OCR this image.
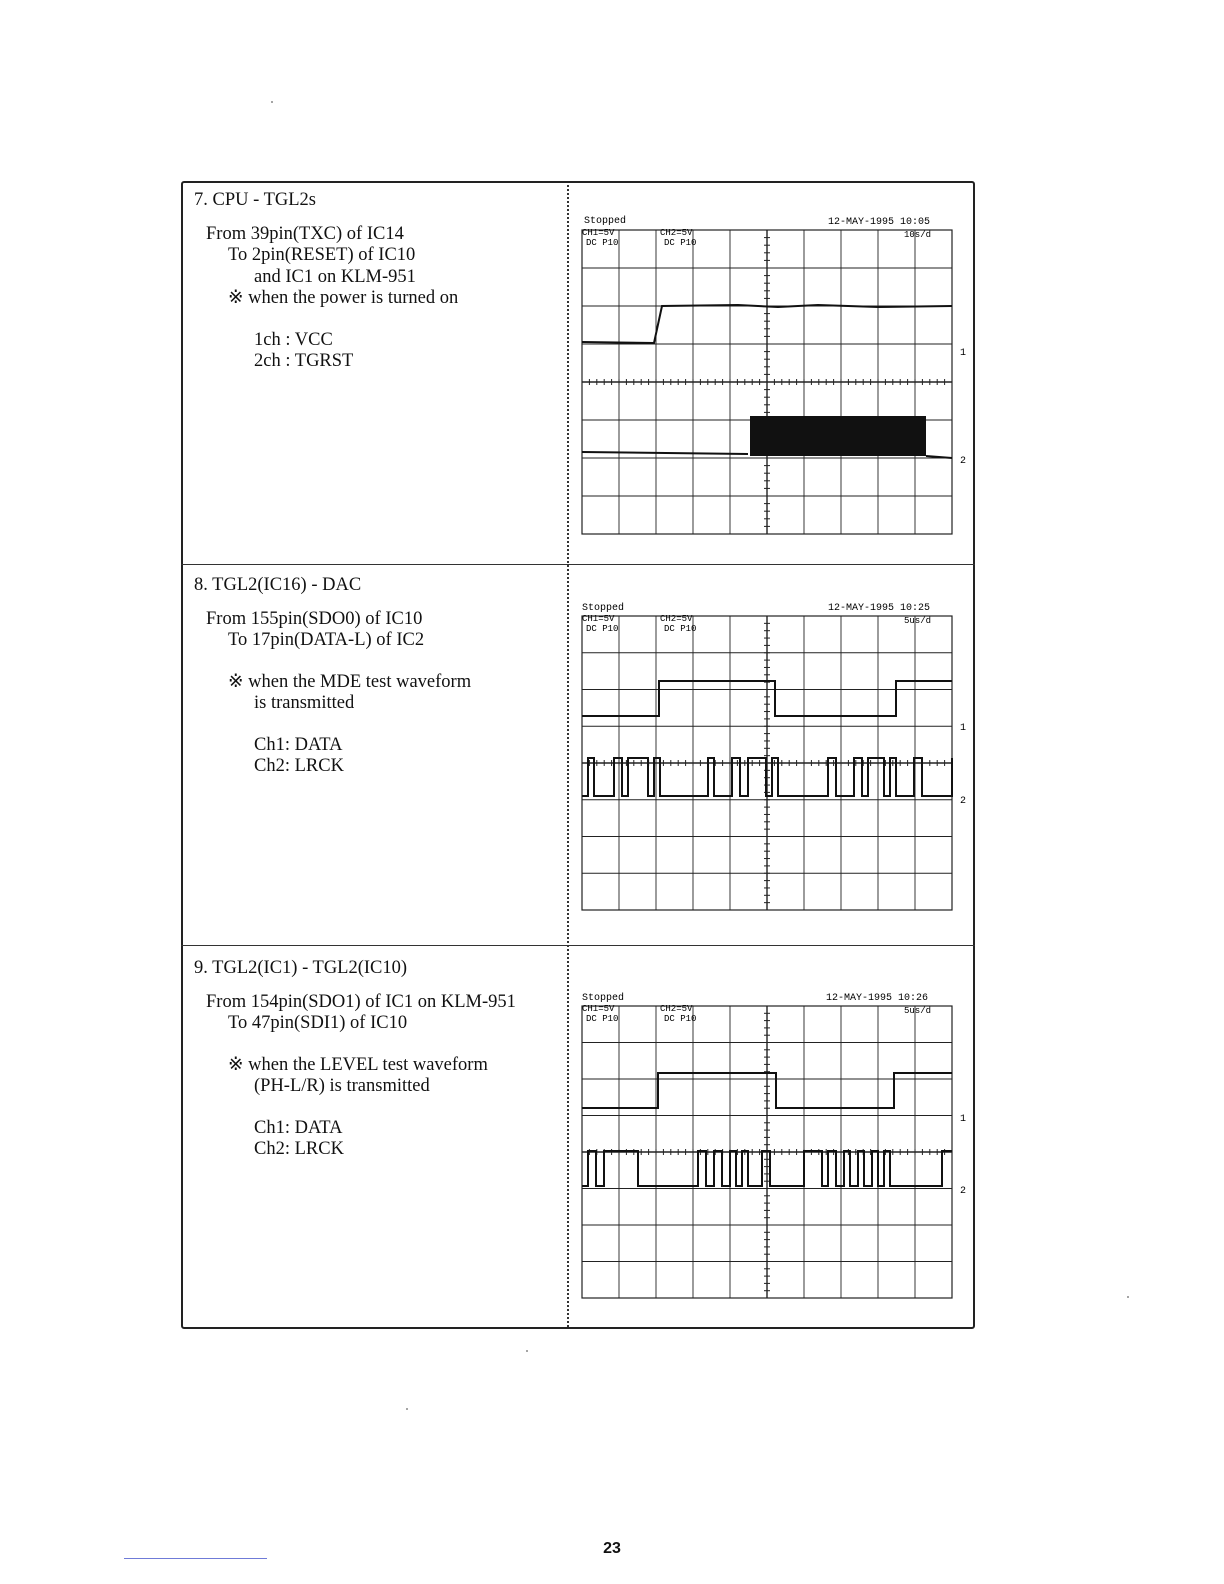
7. CPU - TGL2s

From 39pin(TXC) of IC14

To 2pin(RESET) of IC10

and IC1 on KLM-951

※ when the power is turned on

1ch : VCC

2ch : TGRST

8. TGL2(IC16) - DAC

From 155pin(SDO0) of IC10

To 17pin(DATA-L) of IC2

※ when the MDE test waveform

is transmitted

Ch1: DATA

Ch2: LRCK

9. TGL2(IC1) - TGL2(IC10)

From 154pin(SDO1) of IC1 on KLM-951

To 47pin(SDI1) of IC10

※ when the LEVEL test waveform

(PH-L/R) is transmitted

Ch1: DATA

Ch2: LRCK

Stopped	12-MAY-1995 10:05
CH1=5V
DC P10
CH2=5V
DC P10
10s/d
1
2
Stopped	12-MAY-1995 10:25
CH1=5V
DC P10
CH2=5V
DC P10
5us/d
1
2
Stopped	12-MAY-1995 10:26
CH1=5V
DC P10
CH2=5V
DC P10
5us/d
1
2
23
